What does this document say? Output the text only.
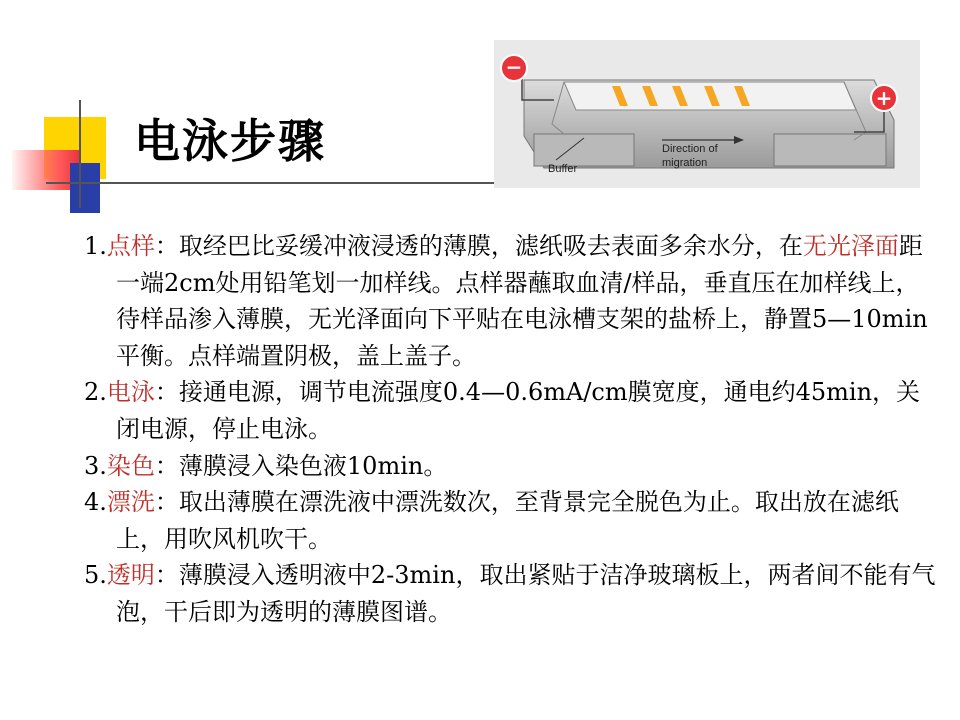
电泳步骤
−
+
Buffer
Direction of
migration
1.点样：取经巴比妥缓冲液浸透的薄膜，滤纸吸去表面多余水分，在无光泽面距一端2cm处用铅笔划一加样线。点样器蘸取血清/样品，垂直压在加样线上，待样品渗入薄膜，无光泽面向下平贴在电泳槽支架的盐桥上，静置5—10min平衡。点样端置阴极，盖上盖子。
2.电泳：接通电源，调节电流强度0.4—0.6mA/cm膜宽度，通电约45min，关闭电源，停止电泳。
3.染色：薄膜浸入染色液10min。
4.漂洗：取出薄膜在漂洗液中漂洗数次，至背景完全脱色为止。取出放在滤纸上，用吹风机吹干。
5.透明：薄膜浸入透明液中2-3min，取出紧贴于洁净玻璃板上，两者间不能有气泡，干后即为透明的薄膜图谱。
